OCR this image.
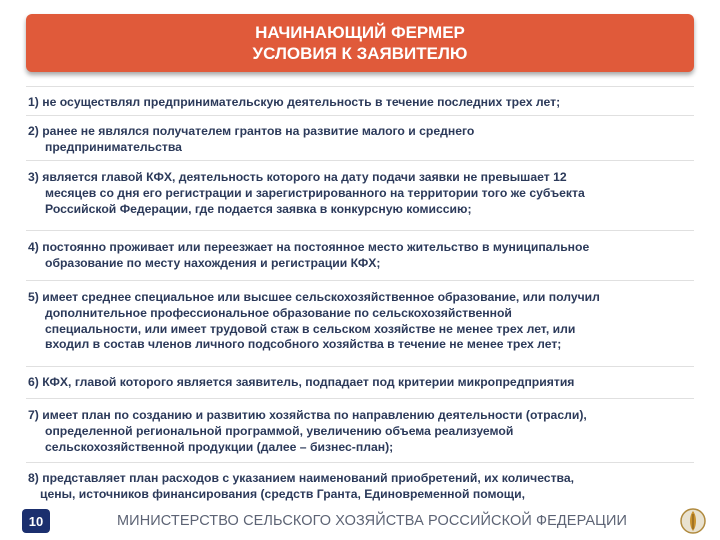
НАЧИНАЮЩИЙ ФЕРМЕР
УСЛОВИЯ К ЗАЯВИТЕЛЮ
1) не осуществлял предпринимательскую деятельность в течение последних трех лет;
2) ранее не являлся получателем грантов на развитие малого и среднего
предпринимательства
3) является главой КФХ, деятельность которого на дату подачи заявки не превышает 12
месяцев со дня его регистрации и зарегистрированного на территории того же субъекта
Российской Федерации, где подается заявка в конкурсную комиссию;
4) постоянно проживает или переезжает на постоянное место жительство в муниципальное
образование по месту нахождения и регистрации КФХ;
5) имеет среднее специальное или высшее сельскохозяйственное образование, или получил
дополнительное профессиональное образование по сельскохозяйственной
специальности, или имеет трудовой стаж в сельском хозяйстве не менее трех лет, или
входил в состав членов личного подсобного хозяйства в течение не менее трех лет;
6) КФХ, главой которого является заявитель, подпадает под критерии микропредприятия
7) имеет план по созданию и развитию хозяйства по направлению деятельности (отрасли),
определенной региональной программой, увеличению объема реализуемой
сельскохозяйственной продукции (далее – бизнес-план);
8) представляет план расходов с указанием наименований приобретений, их количества,
цены, источников финансирования (средств Гранта, Единовременной помощи,
10	МИНИСТЕРСТВО СЕЛЬСКОГО ХОЗЯЙСТВА РОССИЙСКОЙ ФЕДЕРАЦИИ
